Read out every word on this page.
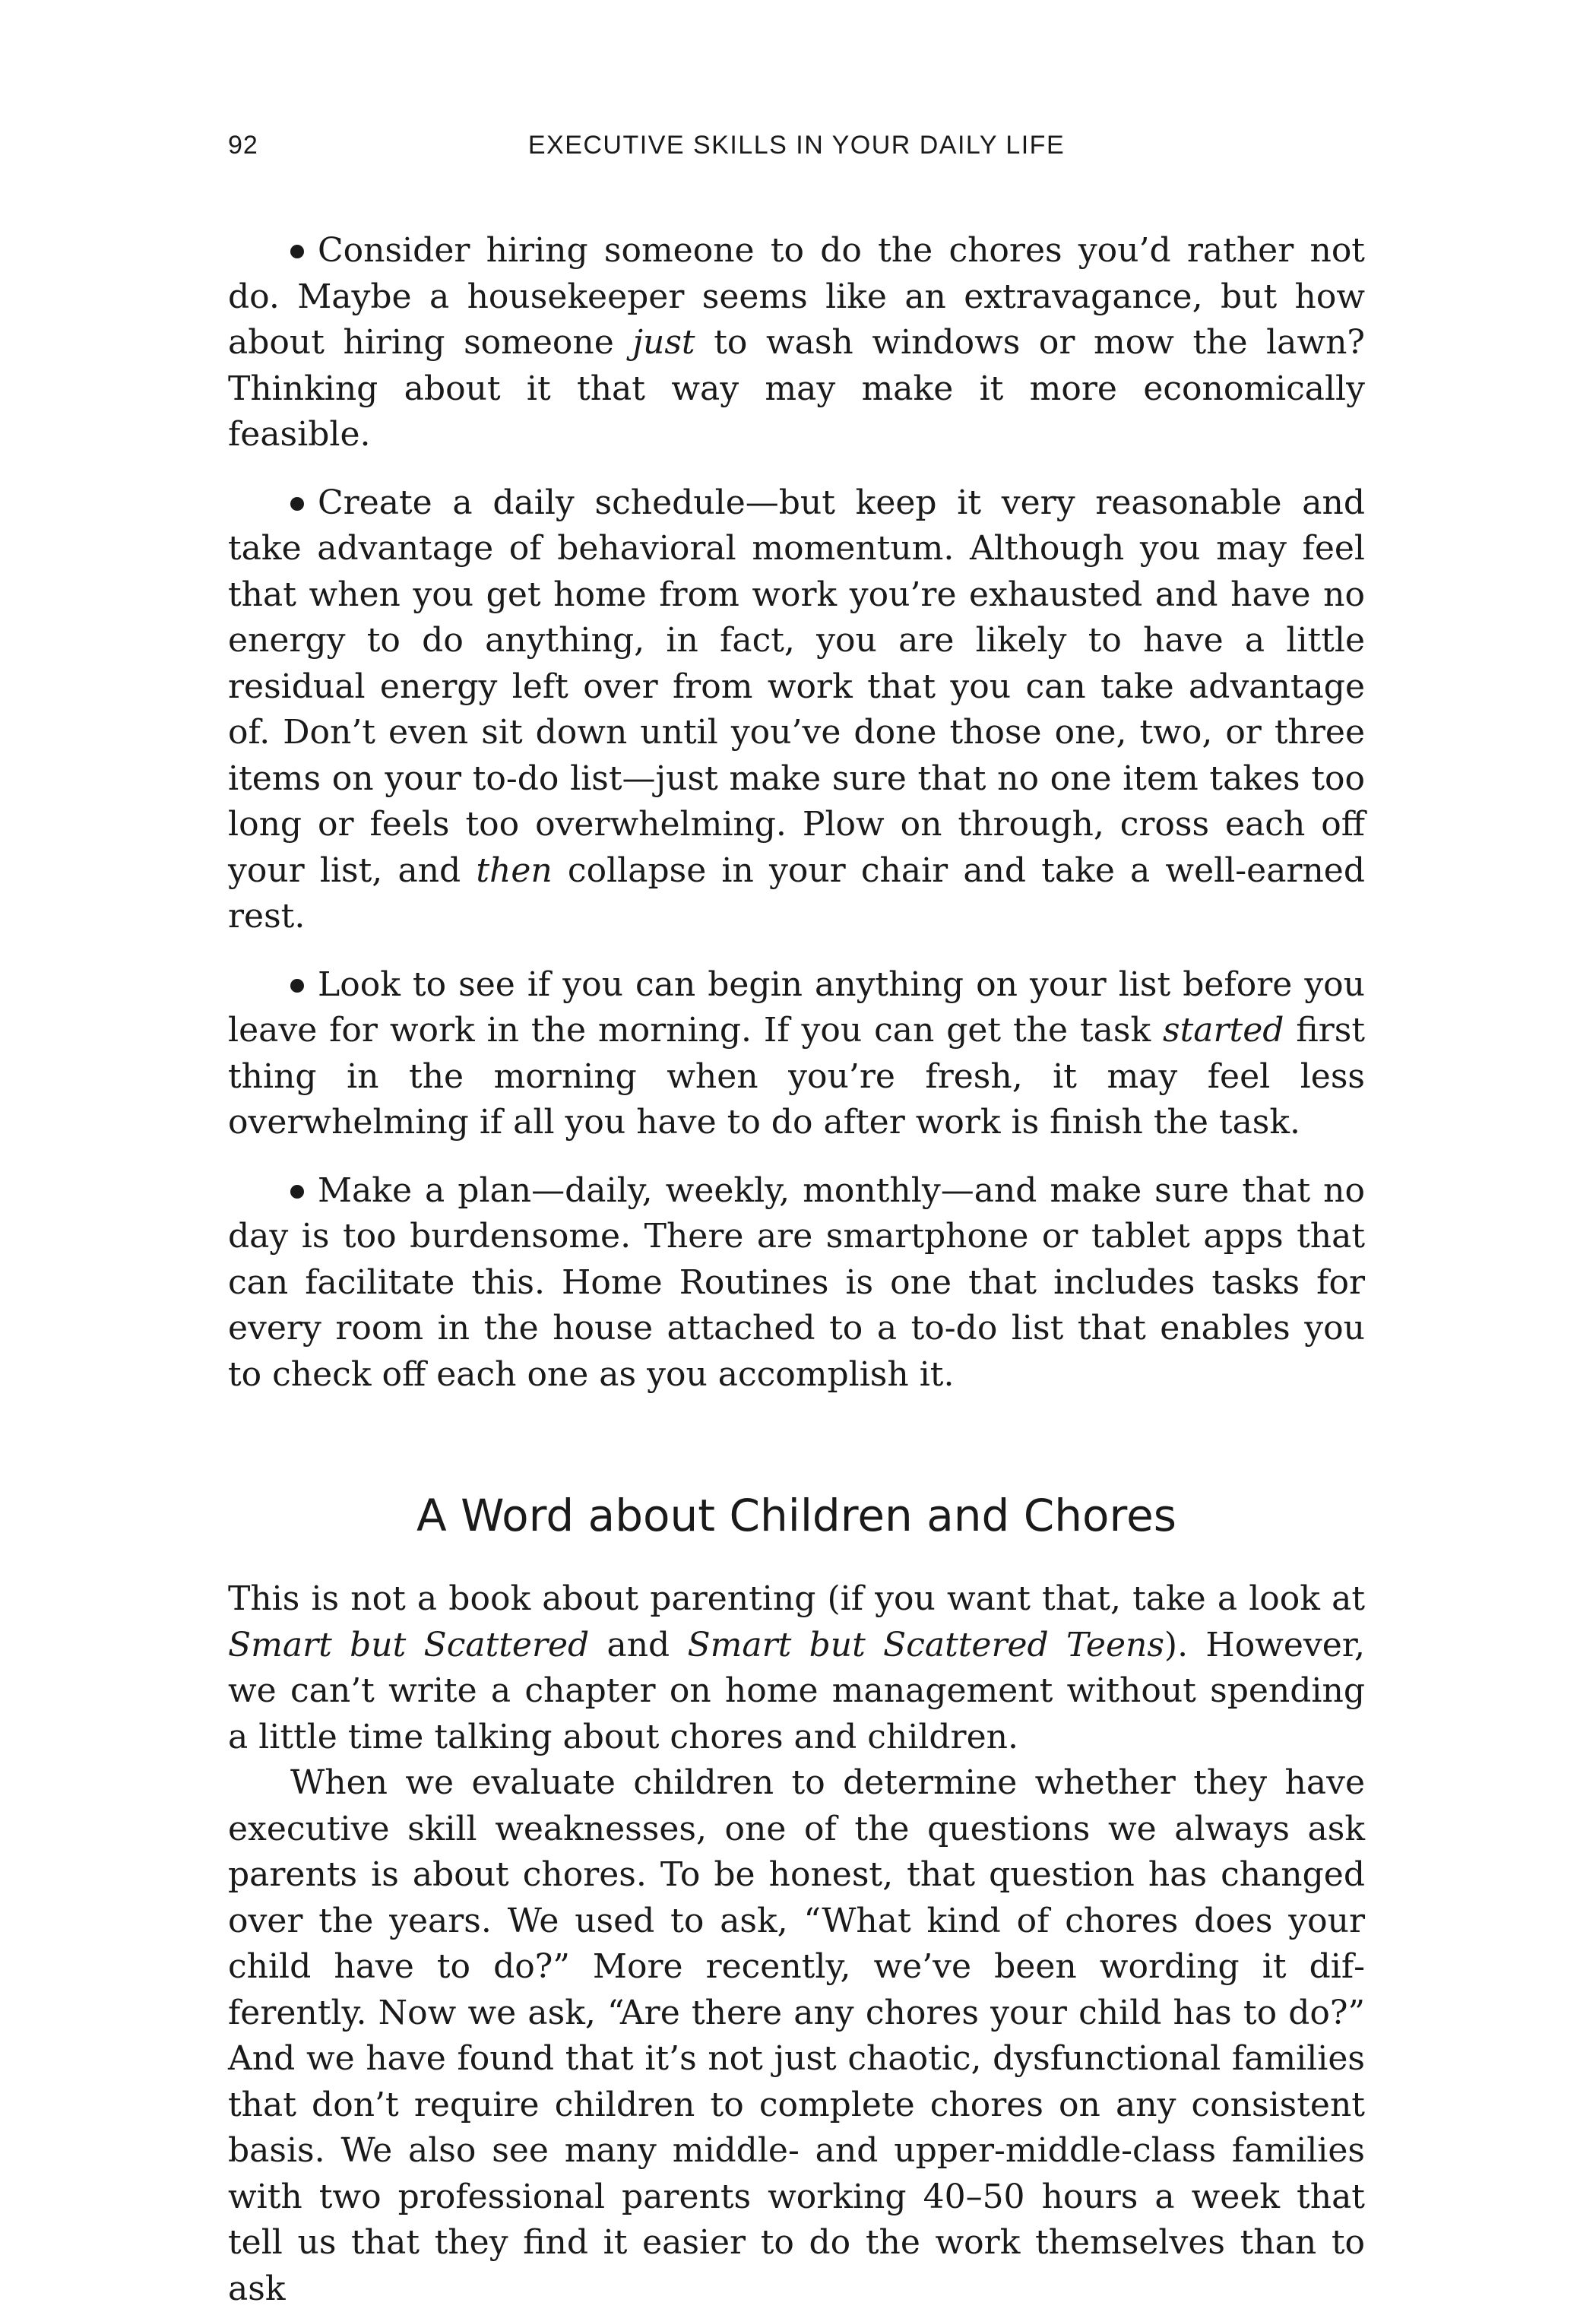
92	EXECUTIVE SKILLS IN YOUR DAILY LIFE

Consider hiring someone to do the chores you’d rather not do. Maybe a housekeeper seems like an extravagance, but how about hiring someone just to wash windows or mow the lawn? Thinking about it that way may make it more economically feasible.

Create a daily schedule—but keep it very reasonable and take advantage of behavioral momentum. Although you may feel that when you get home from work you’re exhausted and have no energy to do anything, in fact, you are likely to have a little residual energy left over from work that you can take advantage of. Don’t even sit down until you’ve done those one, two, or three items on your to-do list—just make sure that no one item takes too long or feels too overwhelming. Plow on through, cross each off your list, and then collapse in your chair and take a well-earned rest.

Look to see if you can begin anything on your list before you leave for work in the morning. If you can get the task started first thing in the morning when you’re fresh, it may feel less overwhelming if all you have to do after work is finish the task.

Make a plan—daily, weekly, monthly—and make sure that no day is too burdensome. There are smartphone or tablet apps that can facilitate this. Home Routines is one that includes tasks for every room in the house attached to a to-do list that enables you to check off each one as you accomplish it.

A Word about Children and Chores

This is not a book about parenting (if you want that, take a look at Smart but Scattered and Smart but Scattered Teens). However, we can’t write a chapter on home management without spending a little time talking about chores and children.

When we evaluate children to determine whether they have executive skill weaknesses, one of the questions we always ask parents is about chores. To be honest, that question has changed over the years. We used to ask, “What kind of chores does your child have to do?” More recently, we’ve been wording it differently. Now we ask, “Are there any chores your child has to do?” And we have found that it’s not just chaotic, dysfunctional families that don’t require children to complete chores on any consistent basis. We also see many middle- and upper-middle-class families with two professional parents working 40–50 hours a week that tell us that they find it easier to do the work themselves than to ask
